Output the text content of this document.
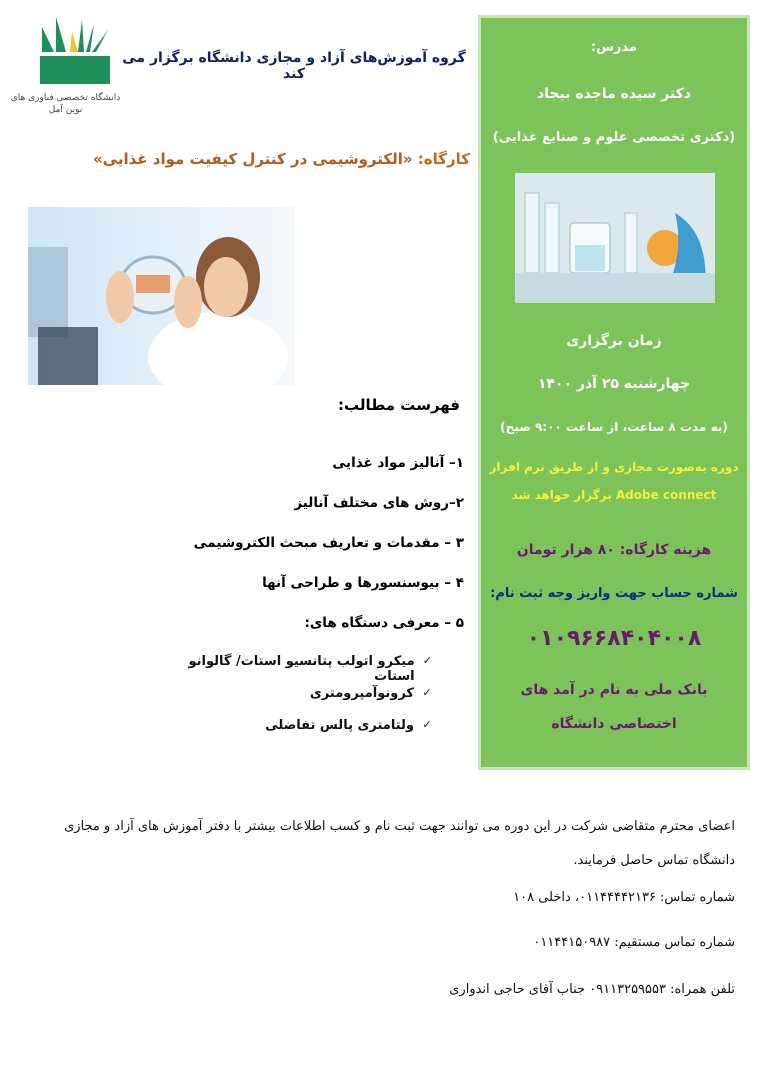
دانشگاه تخصصی فناوری های نوین آمل
گروه آموزش‌های آزاد و مجازی دانشگاه برگزار می کند
کارگاه: «الکتروشیمی در کنترل کیفیت مواد غذایی»
فهرست مطالب:
۱– آنالیز مواد غذایی
۲–روش های مختلف آنالیز
۳ – مقدمات و تعاریف مبحث الکتروشیمی
۴ – بیوسنسورها و طراحی آنها
۵ – معرفی دستگاه های:
✓
میکرو اتولب پتانسیو استات/ گالوانو استات
✓
کرونوآمپرومتری
✓
ولتامتری پالس تفاضلی
مدرس:
دکتر سیده ماجده بیجاد
(دکتری تخصصی علوم و صنایع غذایی)
زمان برگزاری
چهارشنبه ۲۵ آذر ۱۴۰۰
(به مدت ۸ ساعت، از ساعت ۹:۰۰ صبح)
دوره به‌صورت مجازی و از طریق نرم افزار
Adobe connect برگزار خواهد شد
هزینه کارگاه: ۸۰ هزار تومان
شماره حساب جهت واریز وجه ثبت نام:
۰۱۰۹۶۶۸۴۰۴۰۰۸
بانک ملی به نام در آمد های
اختصاصی دانشگاه
اعضای محترم متقاضی شرکت در این دوره می توانند جهت ثبت نام و کسب اطلاعات بیشتر با دفتر آموزش های آزاد و مجازی دانشگاه تماس حاصل فرمایند.
شماره تماس: ۰۱۱۴۴۴۴۲۱۳۶، داخلی ۱۰۸
شماره تماس مستقیم: ۰۱۱۴۴۱۵۰۹۸۷
تلفن همراه: ۰۹۱۱۳۲۵۹۵۵۳ جناب آقای حاجی اندواری
